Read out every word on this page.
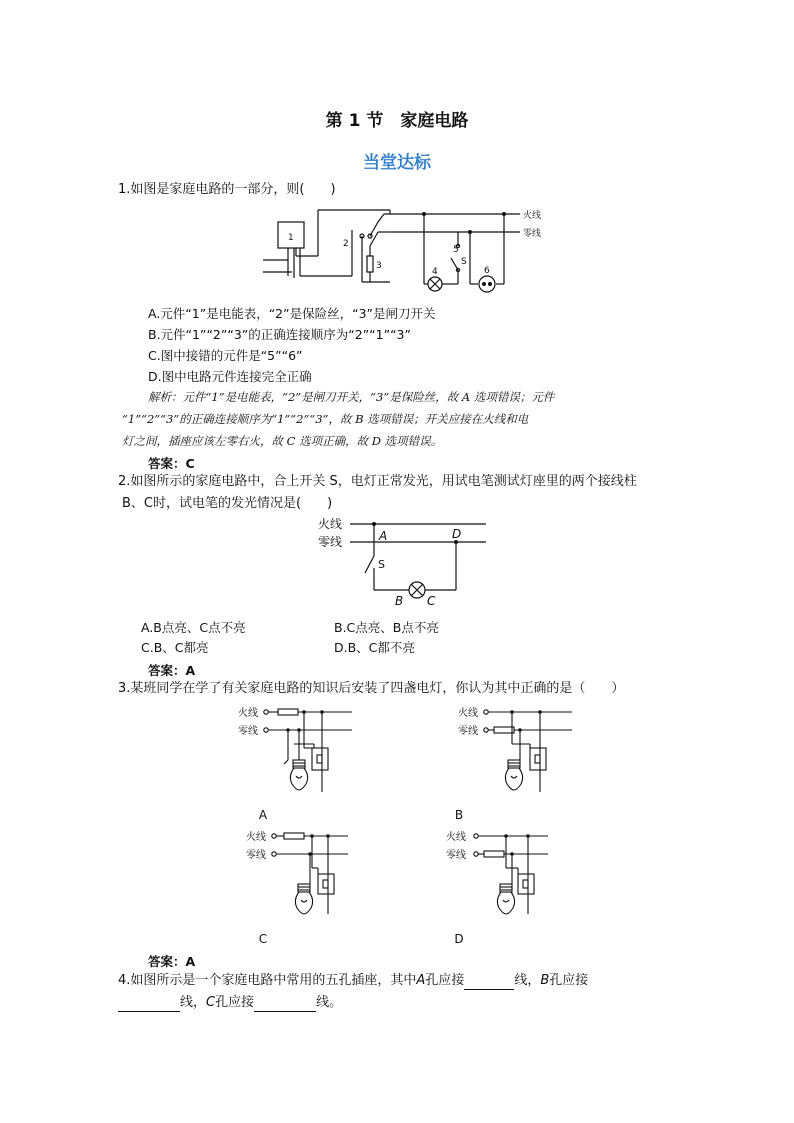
第 1 节　家庭电路
当堂达标
1.如图是家庭电路的一部分，则(　　)
火线
零线
1
2
3
4
5
S
6
A.元件“1”是电能表，“2”是保险丝，“3”是闸刀开关
B.元件“1”“2”“3”的正确连接顺序为“2”“1”“3”
C.图中接错的元件是“5”“6”
D.图中电路元件连接完全正确
解析：元件“1”是电能表，“2”是闸刀开关，“3”是保险丝，故 A 选项错误；元件
“1”“2”“3”的正确连接顺序为“1”“2”“3”，故 B 选项错误；开关应接在火线和电
灯之间，插座应该左零右火，故 C 选项正确，故 D 选项错误。
答案：C
2.如图所示的家庭电路中，合上开关 S，电灯正常发光，用试电笔测试灯座里的两个接线柱
B、C时，试电笔的发光情况是(　　)
火线
零线	A	D
S
B C
A.B点亮、C点不亮	B.C点亮、B点不亮
C.B、C都亮	D.B、C都不亮
答案：A
3.某班同学在学了有关家庭电路的知识后安装了四盏电灯，你认为其中正确的是（　　）
火线
零线
A
火线
零线
B
火线
零线
C
火线
零线
D
答案：A
4.如图所示是一个家庭电路中常用的五孔插座，其中A孔应接	线，B孔应接
线，C孔应接	线。
